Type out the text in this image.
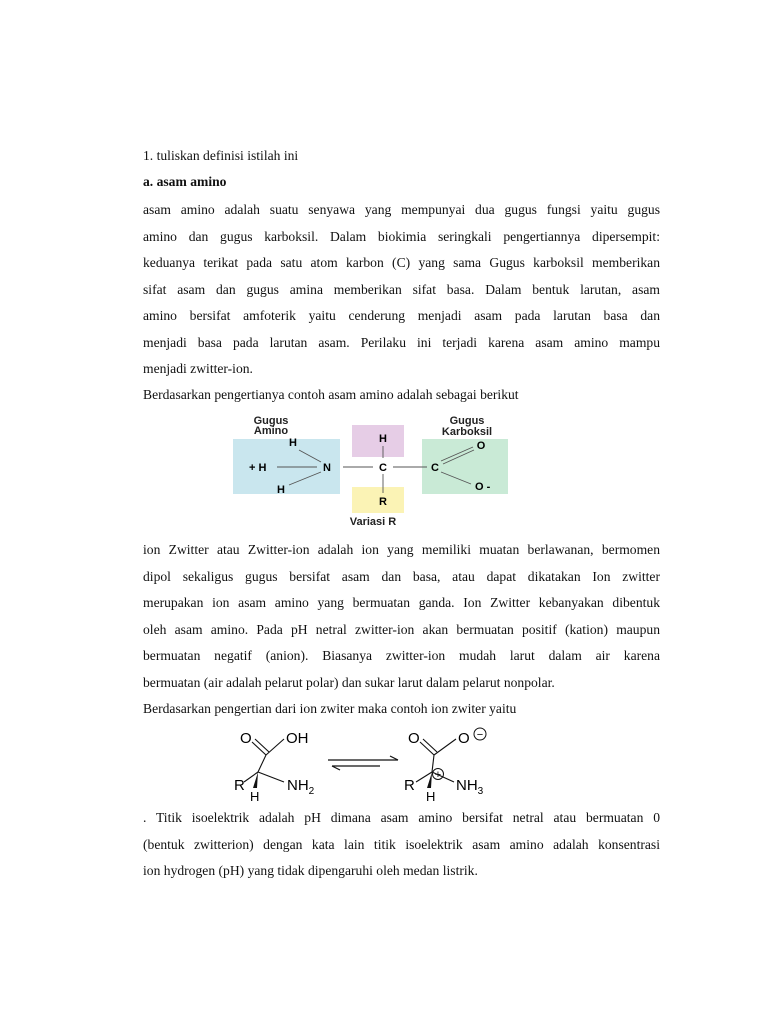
1. tuliskan definisi istilah ini

a. asam amino

asam amino adalah suatu senyawa yang mempunyai dua gugus fungsi yaitu gugus

amino dan gugus karboksil. Dalam biokimia seringkali pengertiannya dipersempit:

keduanya terikat pada satu atom karbon (C) yang sama Gugus karboksil memberikan

sifat asam dan gugus amina memberikan sifat basa. Dalam bentuk larutan, asam

amino bersifat amfoterik yaitu cenderung menjadi asam pada larutan basa dan

menjadi basa pada larutan asam. Perilaku ini terjadi karena asam amino mampu

menjadi zwitter-ion.

Berdasarkan pengertianya contoh asam amino adalah sebagai berikut

Gugus
Amino
Gugus
Karboksil
H
+ H
H
N	C
H
R
C
O
O -
Variasi R

ion Zwitter atau Zwitter-ion adalah ion yang memiliki muatan berlawanan, bermomen

dipol sekaligus gugus bersifat asam dan basa, atau dapat dikatakan Ion zwitter

merupakan ion asam amino yang bermuatan ganda. Ion Zwitter kebanyakan dibentuk

oleh asam amino. Pada pH netral zwitter-ion akan bermuatan positif (kation) maupun

bermuatan negatif (anion). Biasanya zwitter-ion mudah larut dalam air karena

bermuatan (air adalah pelarut polar) dan sukar larut dalam pelarut nonpolar.

Berdasarkan pengertian dari ion zwiter maka contoh ion zwiter yaitu

O OH
R	$NH_2$
H
O	O −
R
+
$NH_3$
H

. Titik isoelektrik adalah pH dimana asam amino bersifat netral atau bermuatan 0

(bentuk zwitterion) dengan kata lain titik isoelektrik asam amino adalah konsentrasi

ion hydrogen (pH) yang tidak dipengaruhi oleh medan listrik.
